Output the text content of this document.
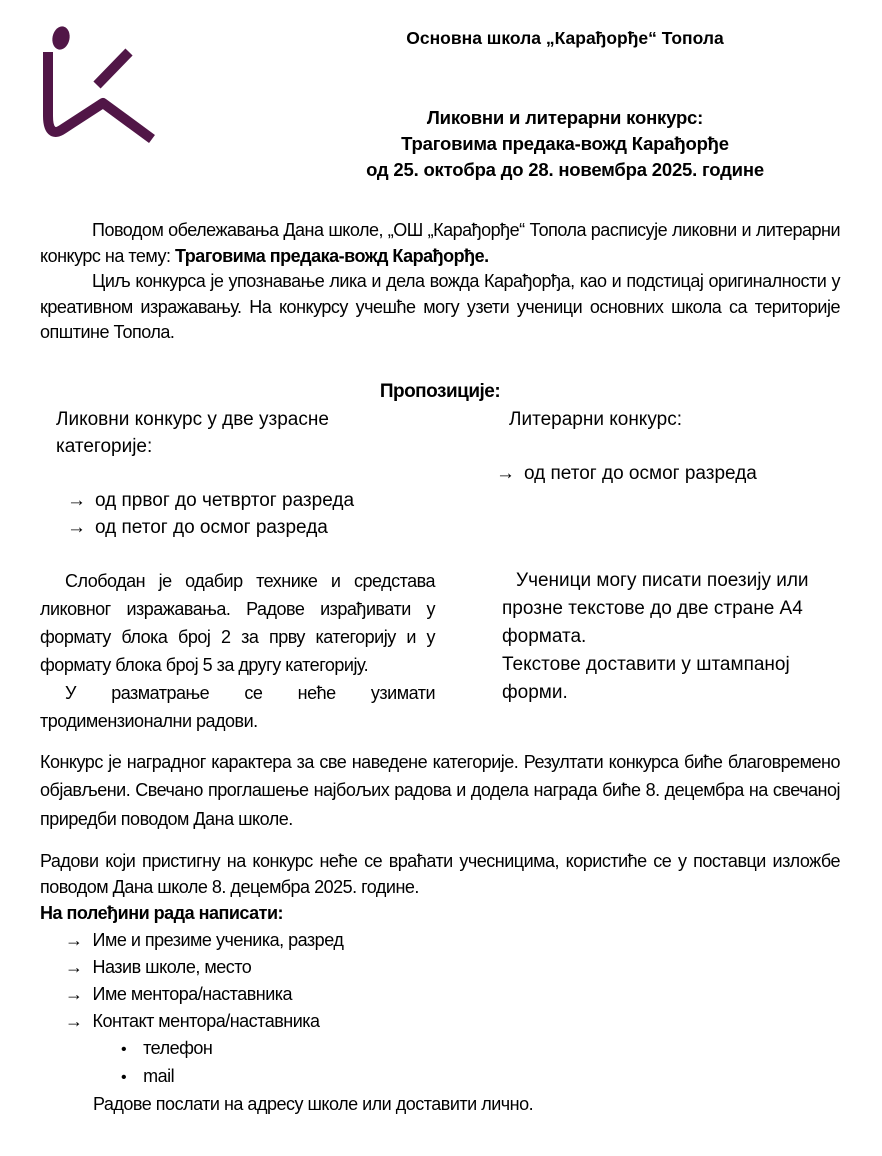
Основна школа „Карађорђе“ Топола
Ликовни и литерарни конкурс:
Траговима предака-вожд Карађорђе
од 25. октобра до 28. новембра 2025. године

Поводом обележавања Дана школе, „ОШ „Карађорђе“ Топола расписује ликовни и литерарни конкурс на тему: Траговима предака-вожд Карађорђе.

Циљ конкурса је упознавање лика и дела вожда Карађорђа, као и подстицај оригиналности у креативном изражавању. На конкурсу учешће могу узети ученици основних школа са територије општине Топола.

Пропозиције:
Ликовни конкурс у две узрасне категорије:
→ од првог до четвртог разреда
→ од петог до осмог разреда
Литерарни конкурс:
→ од петог до осмог разреда

Слободан је одабир технике и средстава ликовног изражавања. Радове израђивати у формату блока број 2 за прву категорију и у формату блока број 5 за другу категорију.

У разматрање се неће узимати тродимензионални радови.

Ученици могу писати поезију или
прозне текстове до две стране А4 формата.
Текстове доставити у штампаној форми.

Конкурс је наградног карактера за све наведене категорије. Резултати конкурса биће благовремено објављени. Свечано проглашење најбољих радова и додела награда биће 8. децембра на свечаној приредби поводом Дана школе.

Радови који пристигну на конкурс неће се враћати учесницима, користиће се у поставци изложбе поводом Дана школе 8. децембра 2025. године.

На полеђини рада написати:
→ Име и презиме ученика, разред
→ Назив школе, место
→ Име ментора/наставника
→ Контакт ментора/наставника
• телефон
• mail
Радове послати на адресу школе или доставити лично.
